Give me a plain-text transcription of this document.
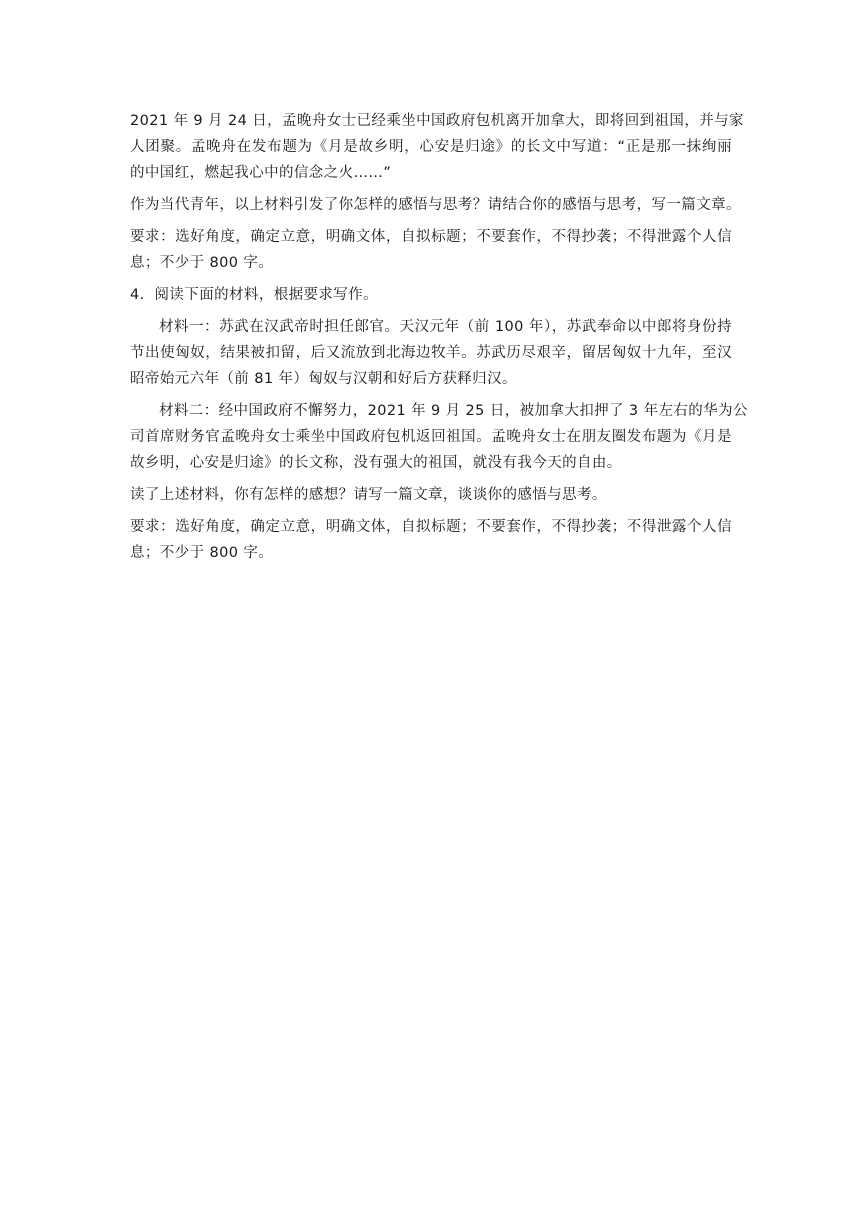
2021 年 9 月 24 日，孟晚舟女士已经乘坐中国政府包机离开加拿大，即将回到祖国，并与家
人团聚。孟晚舟在发布题为《月是故乡明，心安是归途》的长文中写道：“正是那一抹绚丽
的中国红，燃起我心中的信念之火……”
作为当代青年，以上材料引发了你怎样的感悟与思考？请结合你的感悟与思考，写一篇文章。
要求：选好角度，确定立意，明确文体，自拟标题；不要套作，不得抄袭；不得泄露个人信
息；不少于 800 字。
4．阅读下面的材料，根据要求写作。
材料一：苏武在汉武帝时担任郎官。天汉元年（前 100 年），苏武奉命以中郎将身份持
节出使匈奴，结果被扣留，后又流放到北海边牧羊。苏武历尽艰辛，留居匈奴十九年，至汉
昭帝始元六年（前 81 年）匈奴与汉朝和好后方获释归汉。
材料二：经中国政府不懈努力，2021 年 9 月 25 日，被加拿大扣押了 3 年左右的华为公
司首席财务官孟晚舟女士乘坐中国政府包机返回祖国。孟晚舟女士在朋友圈发布题为《月是
故乡明，心安是归途》的长文称，没有强大的祖国，就没有我今天的自由。
读了上述材料，你有怎样的感想？请写一篇文章，谈谈你的感悟与思考。
要求：选好角度，确定立意，明确文体，自拟标题；不要套作，不得抄袭；不得泄露个人信
息；不少于 800 字。
